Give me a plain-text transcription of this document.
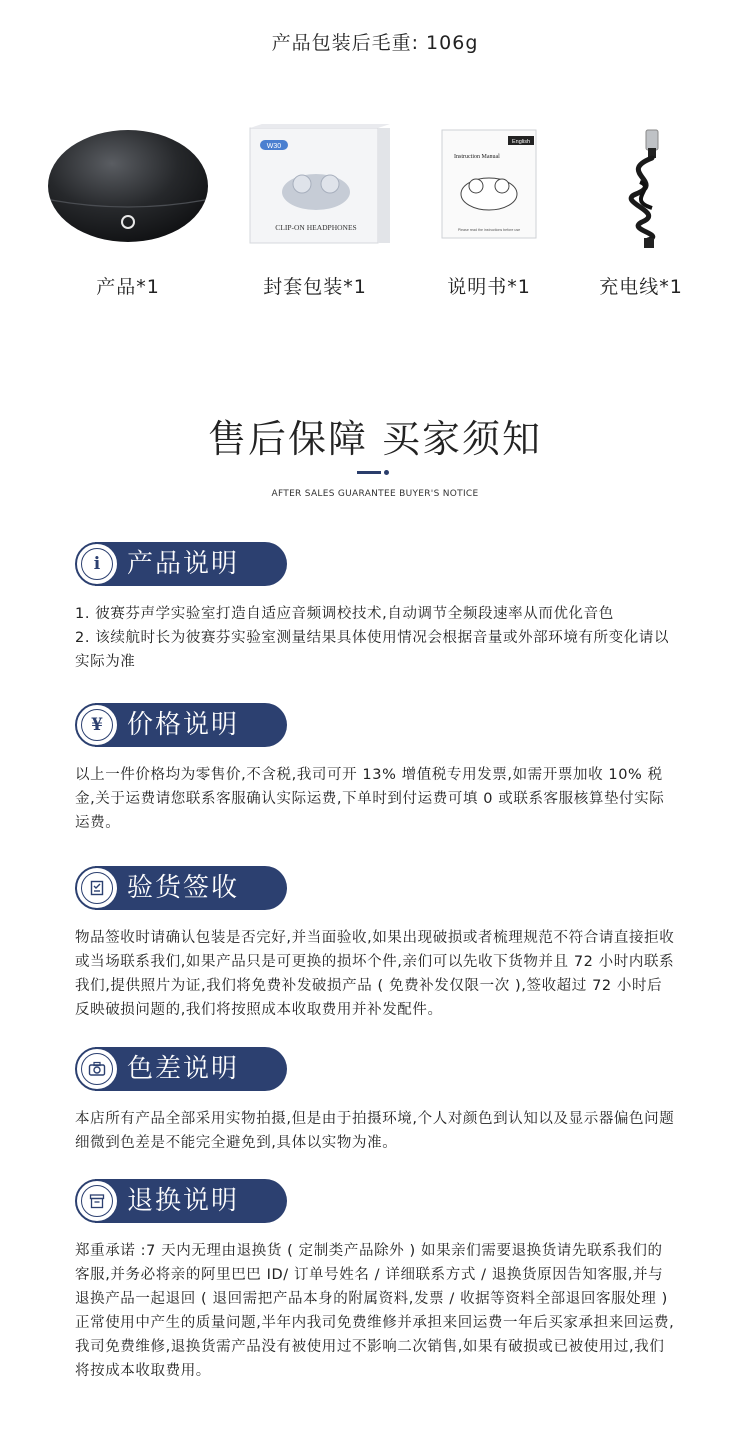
产品包装后毛重: 106g
产品*1
W30
CLIP-ON HEADPHONES
封套包装*1
English
Instruction Manual
Please read the instructions before use
说明书*1	充电线*1
售后保障 买家须知
AFTER SALES GUARANTEE BUYER'S NOTICE
i	产品说明

1. 彼赛芬声学实验室打造自适应音频调校技术,自动调节全频段速率从而优化音色

2. 该续航时长为彼赛芬实验室测量结果具体使用情况会根据音量或外部环境有所变化请以实际为准

¥ 价格说明

以上一件价格均为零售价,不含税,我司可开 13% 增值税专用发票,如需开票加收 10% 税金,关于运费请您联系客服确认实际运费,下单时到付运费可填 0 或联系客服核算垫付实际运费。

验货签收

物品签收时请确认包装是否完好,并当面验收,如果出现破损或者梳理规范不符合请直接拒收或当场联系我们,如果产品只是可更换的损坏个件,亲们可以先收下货物并且 72 小时内联系我们,提供照片为证,我们将免费补发破损产品 ( 免费补发仅限一次 ),签收超过 72 小时后反映破损问题的,我们将按照成本收取费用并补发配件。

色差说明

本店所有产品全部采用实物拍摄,但是由于拍摄环境,个人对颜色到认知以及显示器偏色问题细微到色差是不能完全避免到,具体以实物为准。

退换说明

郑重承诺 :7 天内无理由退换货 ( 定制类产品除外 ) 如果亲们需要退换货请先联系我们的客服,并务必将亲的阿里巴巴 ID/ 订单号姓名 / 详细联系方式 / 退换货原因告知客服,并与退换产品一起退回 ( 退回需把产品本身的附属资料,发票 / 收据等资料全部退回客服处理 ) 正常使用中产生的质量问题,半年内我司免费维修并承担来回运费一年后买家承担来回运费,我司免费维修,退换货需产品没有被使用过不影响二次销售,如果有破损或已被使用过,我们将按成本收取费用。
